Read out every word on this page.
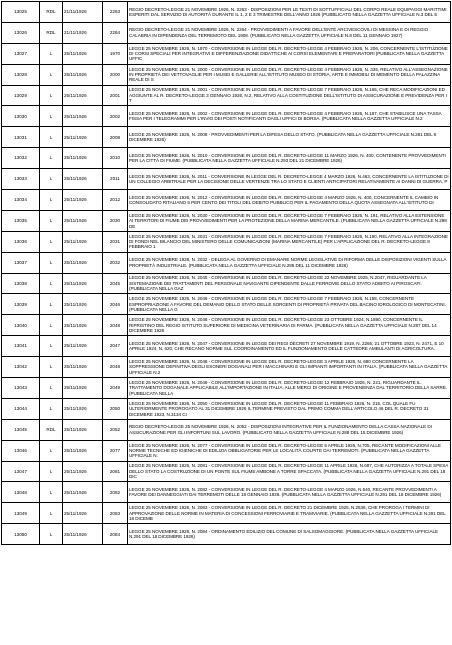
13025	RDL	21/11/1926	2263	REGIO DECRETO-LEGGE 21 NOVEMBRE 1926, N. 2263 - DISPOSIZIONI PER LE TESTI DI SOTTUFFICIALI DEL CORPO REALE EQUIPAGGI MARITTIMI ESPERITI DAL SERVIZIO DI AUTORITÀ DURANTE IL 1, 2 E 3 TRIMESTRE DELL'ANNO 1926 (PUBBLICATO NELLA GAZZETTA UFFICIALE N.3 DEL 5
13026	RDL	21/11/1926	2264	REGIO DECRETO-LEGGE 21 NOVEMBRE 1926, N. 2264 - PROVVEDIMENTI A FAVORE DELL'ENTE ARCIVESCOVILI DI MESSINA E DI REGGIO CALABRIA IN DIPENDENZA DEL TERREMOTO DEL 1908. (PUBBLICATO NELLA GAZZETTA UFFICIALE N.8 DEL 11 GENNAIO 1927)
13027	L	25/11/1926	1970	LEGGE 25 NOVEMBRE 1926, N. 1970 - CONVERSIONE IN LEGGE DEL R. DECRETO-LEGGE 4 FEBBRAIO 1926, N. 206, CONCERNENTE L'ISTITUZIONE DI CORSI SPECIALI PER INTEGRATIVI E DIFFERENZIAZIONE DIDATTICHE AI CORSI ELEMENTARI E PREPARATORI (PUBBLICATA NELLA GAZZETTA UFFIC
13028	L	25/11/1926	2000	LEGGE 25 NOVEMBRE 1926, N. 2000 - CONVERSIONE IN LEGGE DEL R. DECRETO-LEGGE 4 FEBBRAIO 1926, N. 335, RELATIVO ALL'ASSEGNAZIONE IN PROPRIETÀ DEI VETTOVAGLIE PER I MUSEI E GALLERIE ALL'ISTITUTO MUSEO DI STORIA, ARTE E IMMOBILI DI MEMENTO DELLA PALAZZINA REALE DI S
13029	L	25/11/1926	2001	LEGGE 25 NOVEMBRE 1926, N. 2001 - CONVERSIONE IN LEGGE DEL R. DECRETO-LEGGE 7 FEBBRAIO 1926, N.166, CHE RECA MODIFICAZIONI ED AGGIUNTE AL R. DECRETO-LEGGE 3 GENNAIO 1926, N.2, RELATIVO ALLA COSTITUZIONE DELL'ISTITUTO DI ASSICURAZIONE E PREVIDENZA PER I T
13030	L	25/11/1926	2002	LEGGE 25 NOVEMBRE 1926, N. 2002 - CONVERSIONE IN LEGGE DEL R. DECRETO-LEGGE 4 FEBBRAIO 1926, N.187, CHE STABILISCE UNA TASSA FISSA PER I TELEGRAMMI PER L'INVIO DEI POSTI NOTIFICANTI DAGLI UFFICI DI BORSA. (PUBBLICATA NELLA GAZZETTA UFFICIALE N.2
13031	L	25/11/1926	2008	LEGGE 25 NOVEMBRE 1926, N. 2008 - PROVVEDIMENTI PER LA DIFESA DELLO STATO. (PUBBLICATA NELLA GAZZETTA UFFICIALE N.281 DEL 6 DICEMBRE 1926)
13032	L	25/11/1926	2010	LEGGE 25 NOVEMBRE 1926, N. 2010 - CONVERSIONE IN LEGGE DEL R. DECRETO-LEGGE 11 MARZO 1926, N. 400, CONTENENTE PROVVEDIMENTI PER LA CITTÀ DI FIUME. (PUBBLICATA NELLA GAZZETTA UFFICIALE N.293 DEL 21 DICEMBRE 1926)
13033	L	25/11/1926	2011	LEGGE 25 NOVEMBRE 1926, N. 2011 - CONVERSIONE IN LEGGE DEL R. DECRETO-LEGGE 4 MARZO 1926, N.463, CONCERNENTE LA ISTITUZIONE DI UN COLLEGIO ARBITRALE PER LA DECISIONE DELLE VERTENZE TRA LO STATO E CLIENTI ANTICIPATORI RELATIVAMENTE AI DANNI DI GUERRA, P
13034	L	25/11/1926	2012	LEGGE 25 NOVEMBRE 1926, N. 2012 - CONVERSIONE IN LEGGE DEL R. DECRETO-LEGGE 4 MARZO 1926, N. 400, CONCERNENTE IL CAMBIO IN CONSOLIDATO RITALIANO 5 PER CENTO DEI TITOLI DEL DEBITO PUBBLICO PER IL PAGAMENTO DELLA QUOTA ASSEGNATA ALL'ISTITUTO DI
13035	L	25/11/1926	2030	LEGGE 25 NOVEMBRE 1926, N. 2030 - CONVERSIONE IN LEGGE DEL R. DECRETO-LEGGE 7 FEBBRAIO 1926, N. 191, RELATIVO ALLA ESTENSIONE AI TERRITORI DI FIUME DEI PROVVEDIMENTI PER LA PROTEZIONE DELLA MARINA MERCANTILE. (PUBBLICATA NELLA GAZZETTA UFFICIALE N.298 DE
13036	L	25/11/1926	2031	LEGGE 25 NOVEMBRE 1926, N. 2031 - CONVERSIONE IN LEGGE DEL R. DECRETO-LEGGE 7 FEBBRAIO 1926, N.190, RELATIVO ALLA INTEGRAZIONE DI FONDI NEL BILANCIO DEL MINISTERO DELLE COMUNICAZIONI (MARINA MERCANTILE) PER L'APPLICAZIONE DEL R. DECRETO-LEGGE 8 FEBBRAIO 1
13037	L	25/11/1926	2032	LEGGE 25 NOVEMBRE 1926, N. 2032 - DELEGA AL GOVERNO DI EMANARE NORME LEGISLATIVE DI RIFORMA DELLE DISPOSIZIONI VIGENTI SULLA PROPRIETÀ INDUSTRIALE. (PUBBLICATA NELLA GAZZETTA UFFICIALE N.285 DEL 11 DICEMBRE 1926)
13038	L	25/11/1926	2045	LEGGE 25 NOVEMBRE 1926, N. 2045 - CONVERSIONE IN LEGGE DEL R. DECRETO-LEGGE 22 NOVEMBRE 1925, N.2047, RIGUARDANTE LA SISTEMAZIONE DEI TRATTAMENTI DEL PERSONALE NAVIGANTE DIPENDENTE DALLE FERROVIE DELLO STATO ADIBITO AI PIROSCAFI. (PUBBLICATA NELLA GAZ
13039	L	25/11/1926	2046	LEGGE 25 NOVEMBRE 1926, N. 2046 - CONVERSIONE IN LEGGE DEL R. DECRETO-LEGGE 7 FEBBRAIO 1926, N.158, CONCERNENTE ESPROPRIAZIONE A FAVORE DEL DEMANIO DELLO STATO DELLE SORGENTI DI PROPRIETÀ PRIVATA DEL BACINO IDROLOGICO DI MONTECATINI. (PUBBLICATA NELLA G
13040	L	25/11/1926	2048	LEGGE 25 NOVEMBRE 1926, N. 2048 - CONVERSIONE IN LEGGE DEL R. DECRETO-LEGGE 23 OTTOBRE 1924, N.1890, CONCERNENTE IL RIPRISTINO DEL REGIO ISTITUTO SUPERIORE DI MEDICINA VETERINARIA DI PARMA. (PUBBLICATA NELLA GAZZETTA UFFICIALE N.287 DEL 14 DICEMBRE 1926
13041	L	25/11/1926	2047	LEGGE 25 NOVEMBRE 1926, N. 2047 - CONVERSIONE IN LEGGE DEI REGI DECRETI 27 NOVEMBRE 1919, N. 2265; 21 OTTOBRE 1923, N. 2471, E 10 APRILE 1924, N. 620, CHE RECANO NORME SUL COORDINAMENTO ED IL FUNZIONAMENTO DELLE CATTEDRE AMBULANTI DI AGRICOLTURA.
13042	L	25/11/1926	2048	LEGGE 25 NOVEMBRE 1926, N. 2048 - CONVERSIONE IN LEGGE DEL R. DECRETO-LEGGE 3 APRILE 1926, N. 680 CONCERNENTE LA SOPPRESSIONE DEFINITIVA DEGLI ESONERI DOGANALI PER I MACCHINARI E GLI IMPIANTI IMPORTANTI IN ITALIA. (PUBBLICATA NELLA GAZZETTA UFFICIALE N.2
13043	L	25/11/1926	2049	LEGGE 25 NOVEMBRE 1926, N. 2049 - CONVERSIONE IN LEGGE DEL R. DECRETO-LEGGE 12 FEBBRAIO 1926, N. 221, RIGUARDANTE IL TRATTAMENTO DOGANALE APPLICABILE ALL'IMPORTAZIONE IN ITALIA, ALLE MERCI DI ORIGINE E PROVENIENZA DAL TERRITORIO DELLA SARRE. (PUBBLICATA NELLA
13044	L	25/11/1926	2050	LEGGE 25 NOVEMBRE 1926, N. 2050 - CONVERSIONE IN LEGGE DEL R. DECRETO-LEGGE 11 FEBBRAIO 1926, N. 215, COL QUALE FU ULTERIORMENTE PROROGATO AL 31 DICEMBRE 1926 IL TERMINE PREVISTO DAL PRIMO COMMA DELL'ARTICOLO 46 DEL R. DECRETO 31 DICEMBRE 1923, N.3134 CI
13045	RDL	25/11/1926	2052	REGIO DECRETO-LEGGE 25 NOVEMBRE 1926, N. 2052 - DISPOSIZIONI INTEGRATIVE PER IL FUNZIONAMENTO DELLA CASSA NAZIONALE DI ASSICURAZIONE PER GLI INFORTUNI SUL LAVORO. (PUBBLICATO NELLA GAZZETTA UFFICIALE N.288 DEL 15 DICEMBRE 1926)
13046	L	25/11/1926	2077	LEGGE 25 NOVEMBRE 1926, N. 2077 - CONVERSIONE IN LEGGE DEL R. DECRETO-LEGGE 5 APRILE 1926, N.705, RECANTE MODIFICAZIONI ALLE NORME TECNICHE ED IGIENICHE DI EDILIZIA OBBLIGATORIE PER LE LOCALITÀ COLPITE DAI TERREMOTI. (PUBBLICATA NELLA GAZZETTA UFFICIALE N.
13047	L	25/11/1926	2081	LEGGE 25 NOVEMBRE 1926, N. 2081 - CONVERSIONE IN LEGGE DEL R. DECRETO-LEGGE 11 APRILE 1926, N.687, CHE AUTORIZZA A TOTALE SPESA DELLO STATO LA COSTRUZIONE DI UN PONTE SUL FIUME AMBONE A TORRE SPACCATA. (PUBBLICATA NELLA GAZZETTA UFFICIALE N.291 DEL 18 DIC
13048	L	25/11/1926	2082	LEGGE 25 NOVEMBRE 1926, N. 2082 - CONVERSIONE IN LEGGE DEL R. DECRETO-LEGGE 4 MARZO 1926, N.540, RECANTE PROVVEDIMENTI A FAVORE DEI DANNEGGIATI DAI TERREMOTI DELLE 18 GENNAIO 1926. (PUBBLICATA NELLA GAZZETTA UFFICIALE N.291 DEL 18 DICEMBRE 1926)
13049	L	25/11/1926	2083	LEGGE 25 NOVEMBRE 1926, N. 2083 - CONVERSIONE IN LEGGE DEL R. DECRETO 21 DICEMBRE 1925, N.2536, CHE PROROGA I TERMINI DI APPROVAZIONE DELLE NORME IN MATERIA DI CONCESSIONI FERROVIARIE E TRAMVIARIE. (PUBBLICATA NELLA GAZZETTA UFFICIALE N.291 DEL 18 DICEMB
13050	L	25/11/1926	2084	LEGGE 25 NOVEMBRE 1926, N. 2084 - ORDINAMENTO EDILIZIO DEL COMUNE DI SALSOMAGGIORE. (PUBBLICATA NELLA GAZZETTA UFFICIALE N.291 DEL 18 DICEMBRE 1926)
